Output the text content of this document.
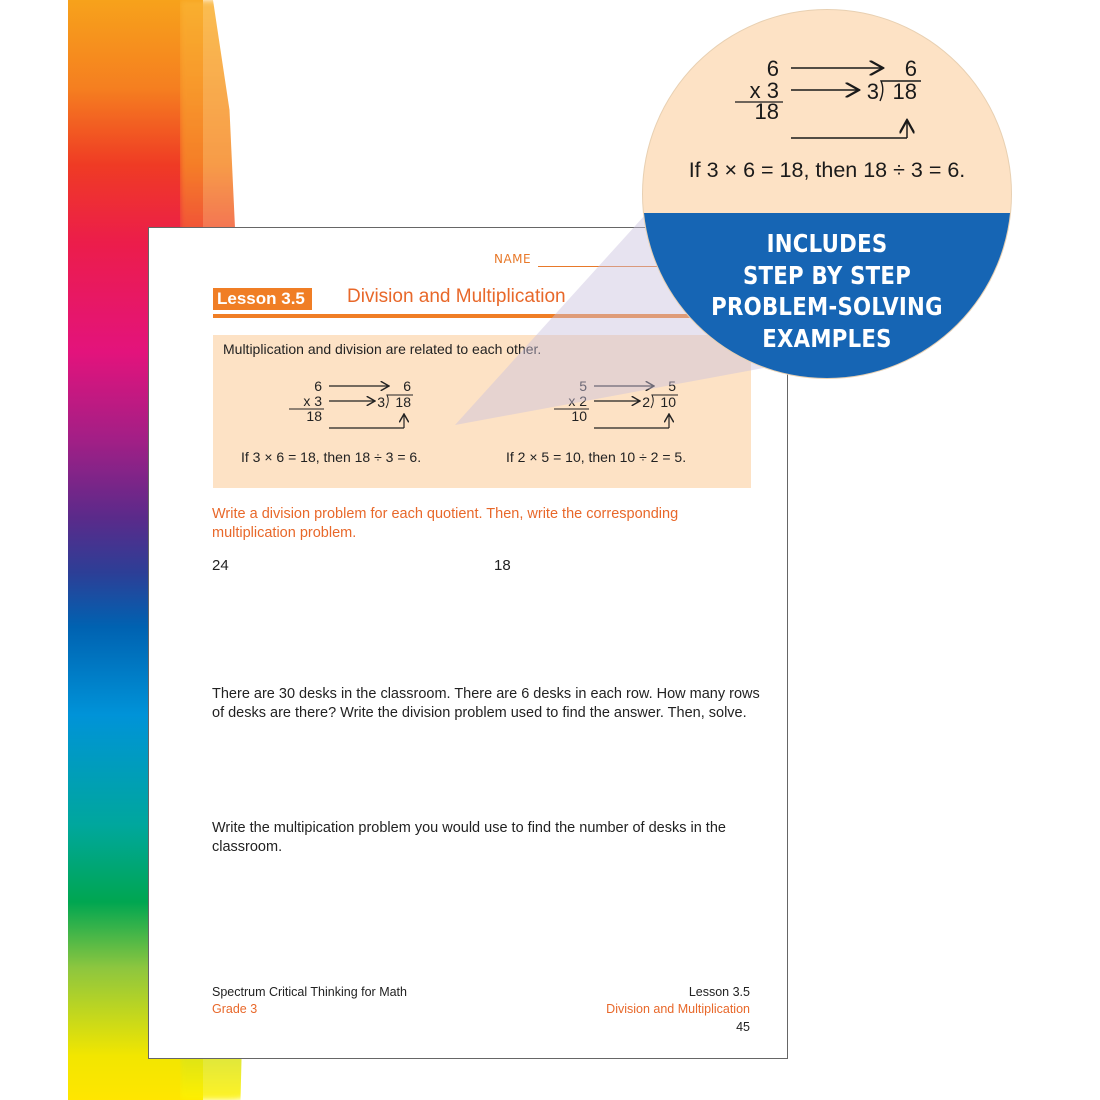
NAME
Lesson 3.5	Division and Multiplication
Multiplication and division are related to each other.
6
x 3
18
6
3 18
If 3 × 6 = 18, then 18 ÷ 3 = 6.
5
x 2
10
5
2 10
If 2 × 5 = 10, then 10 ÷ 2 = 5.
Write a division problem for each quotient. Then, write the corresponding multiplication problem.
24	18
There are 30 desks in the classroom. There are 6 desks in each row. How many rows of desks are there? Write the division problem used to find the answer. Then, solve.
Write the multipication problem you would use to find the number of desks in the classroom.
Spectrum Critical Thinking for Math
Grade 3
Lesson 3.5
Division and Multiplication
45
6
x 3
18
6
3 18
If 3 × 6 = 18, then 18 ÷ 3 = 6.
INCLUDES
STEP BY STEP
PROBLEM-SOLVING
EXAMPLES
